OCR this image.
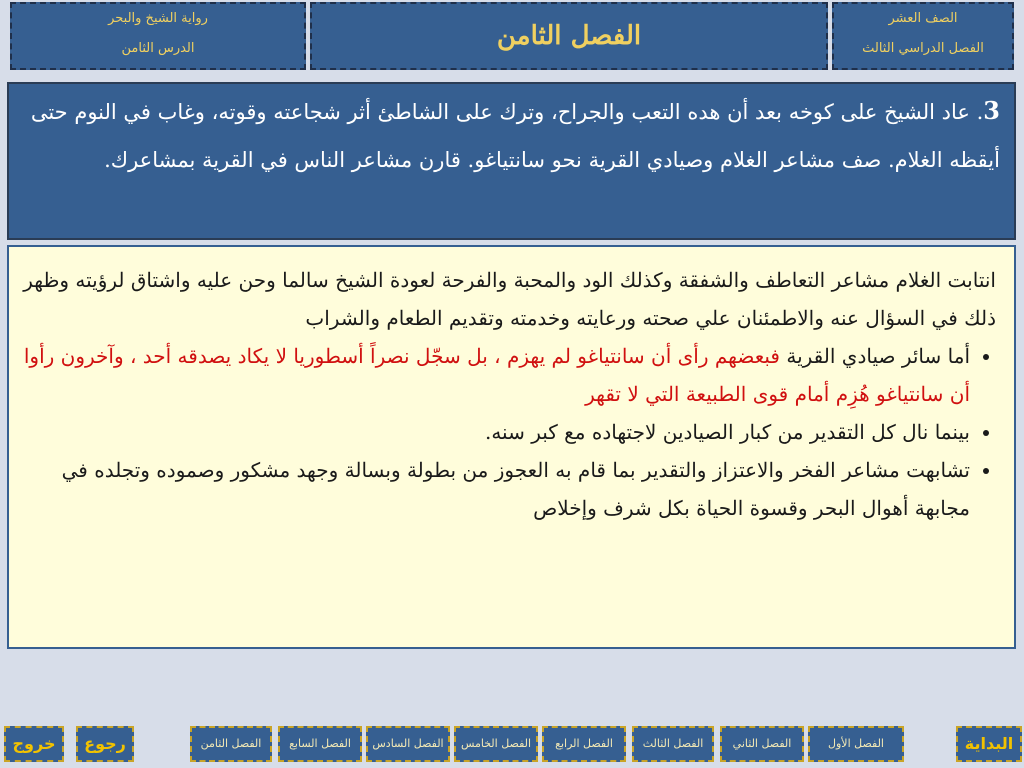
رواية الشيخ والبحر
الدرس الثامن	الفصل الثامن
الصف العشر
الفصل الدراسي الثالث
3. عاد الشيخ على كوخه بعد أن هده التعب والجراح، وترك على الشاطئ أثر شجاعته وقوته، وغاب في النوم حتى أيقظه الغلام. صف مشاعر الغلام وصيادي القرية نحو سانتياغو. قارن مشاعر الناس في القرية بمشاعرك.

انتابت الغلام مشاعر التعاطف والشفقة وكذلك الود والمحبة والفرحة لعودة الشيخ سالما وحن عليه واشتاق لرؤيته وظهر ذلك في السؤال عنه والاطمئنان علي صحته ورعايته وخدمته وتقديم الطعام والشراب

• أما سائر صيادي القرية فبعضهم رأى أن سانتياغو لم يهزم ، بل سجّل نصراً أسطوريا لا يكاد يصدقه أحد ، وآخرون رأوا أن سانتياغو هُزِم أمام قوى الطبيعة التي لا تقهر
• بينما نال كل التقدير من كبار الصيادين لاجتهاده مع كبر سنه.
• تشابهت مشاعر الفخر والاعتزاز والتقدير بما قام به العجوز من بطولة وبسالة وجهد مشكور وصموده وتجلده في مجابهة أهوال البحر وقسوة الحياة بكل شرف وإخلاص
خروج	رجوع	الفصل الثامن	الفصل السابع	الفصل السادس	الفصل الخامس	الفصل الرابع	الفصل الثالث	الفصل الثاني	الفصل الأول	البداية
